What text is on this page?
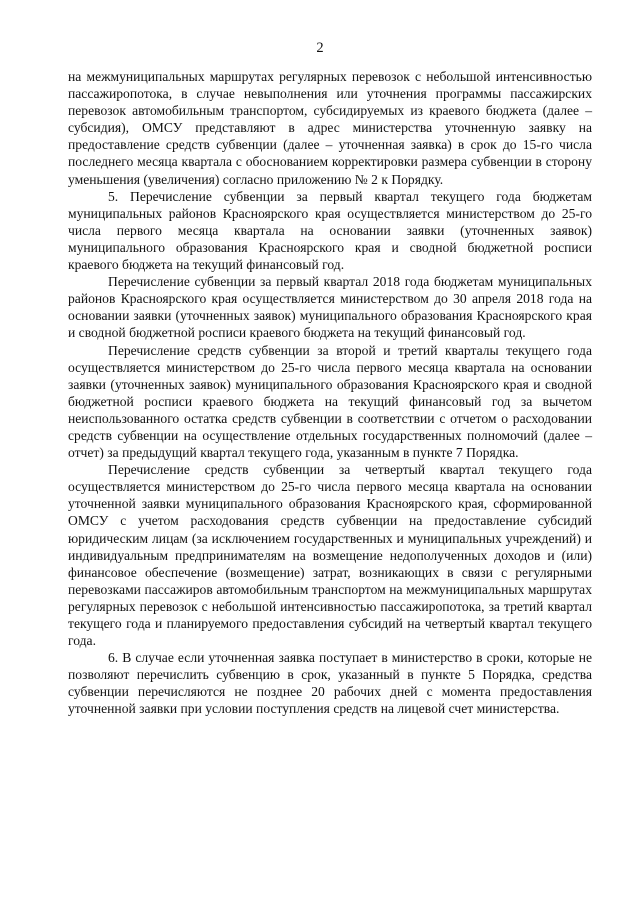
2

на межмуниципальных маршрутах регулярных перевозок с небольшой интенсивностью пассажиропотока, в случае невыполнения или уточнения программы пассажирских перевозок автомобильным транспортом, субсидируемых из краевого бюджета (далее – субсидия), ОМСУ представляют в адрес министерства уточненную заявку на предоставление средств субвенции (далее – уточненная заявка) в срок до 15-го числа последнего месяца квартала с обоснованием корректировки размера субвенции в сторону уменьшения (увеличения) согласно приложению № 2 к Порядку.

5. Перечисление субвенции за первый квартал текущего года бюджетам муниципальных районов Красноярского края осуществляется министерством до 25-го числа первого месяца квартала на основании заявки (уточненных заявок) муниципального образования Красноярского края и сводной бюджетной росписи краевого бюджета на текущий финансовый год.

Перечисление субвенции за первый квартал 2018 года бюджетам муниципальных районов Красноярского края осуществляется министерством до 30 апреля 2018 года на основании заявки (уточненных заявок) муниципального образования Красноярского края и сводной бюджетной росписи краевого бюджета на текущий финансовый год.

Перечисление средств субвенции за второй и третий кварталы текущего года осуществляется министерством до 25-го числа первого месяца квартала на основании заявки (уточненных заявок) муниципального образования Красноярского края и сводной бюджетной росписи краевого бюджета на текущий финансовый год за вычетом неиспользованного остатка средств субвенции в соответствии с отчетом о расходовании средств субвенции на осуществление отдельных государственных полномочий (далее – отчет) за предыдущий квартал текущего года, указанным в пункте 7 Порядка.

Перечисление средств субвенции за четвертый квартал текущего года осуществляется министерством до 25-го числа первого месяца квартала на основании уточненной заявки муниципального образования Красноярского края, сформированной ОМСУ с учетом расходования средств субвенции на предоставление субсидий юридическим лицам (за исключением государственных и муниципальных учреждений) и индивидуальным предпринимателям на возмещение недополученных доходов и (или) финансовое обеспечение (возмещение) затрат, возникающих в связи с регулярными перевозками пассажиров автомобильным транспортом на межмуниципальных маршрутах регулярных перевозок с небольшой интенсивностью пассажиропотока, за третий квартал текущего года и планируемого предоставления субсидий на четвертый квартал текущего года.

6. В случае если уточненная заявка поступает в министерство в сроки, которые не позволяют перечислить субвенцию в срок, указанный в пункте 5 Порядка, средства субвенции перечисляются не позднее 20 рабочих дней с момента предоставления уточненной заявки при условии поступления средств на лицевой счет министерства.
